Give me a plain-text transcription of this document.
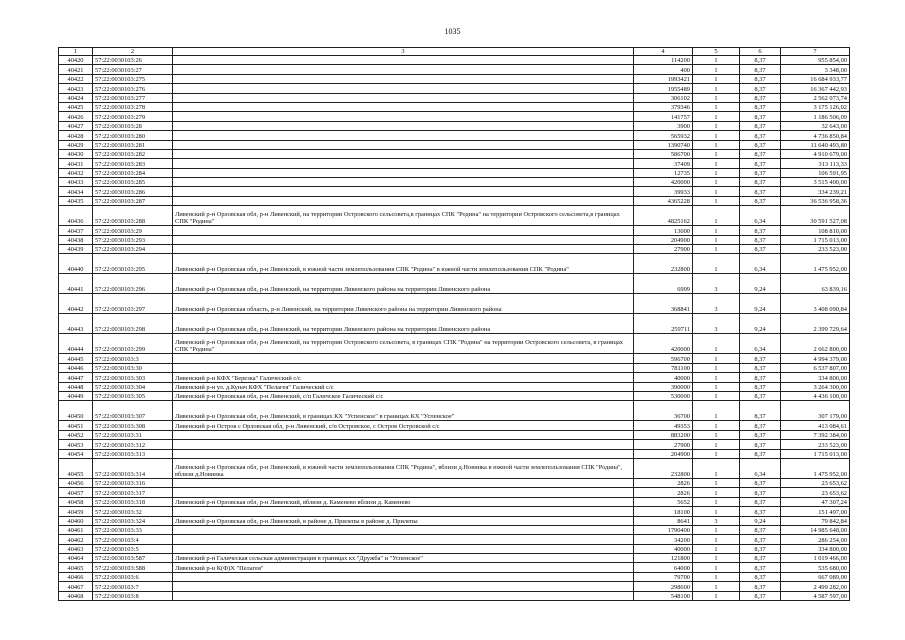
1035
1	2	3	4	5	6	7
40420	57:22:0030103:26		114200	1	8,37	955 854,00
40421	57:22:0030103:27		400	1	8,37	3 348,00
40422	57:22:0030103:275		1993421	1	8,37	16 684 933,77
40423	57:22:0030103:276		1955489	1	8,37	16 367 442,93
40424	57:22:0030103:277		306102	1	8,37	2 562 073,74
40425	57:22:0030103:278		379346	1	8,37	3 175 126,02
40426	57:22:0030103:279		141757	1	8,37	1 186 506,09
40427	57:22:0030103:28		3900	1	8,37	32 643,00
40428	57:22:0030103:280		565932	1	8,37	4 736 850,84
40429	57:22:0030103:281		1390740	1	8,37	11 640 493,80
40430	57:22:0030103:282		586700	1	8,37	4 910 679,00
40431	57:22:0030103:283		37409	1	8,37	313 113,33
40432	57:22:0030103:284		12735	1	8,37	106 591,95
40433	57:22:0030103:285		420000	1	8,37	3 515 400,00
40434	57:22:0030103:286		39933	1	8,37	334 239,21
40435	57:22:0030103:287		4365228	1	8,37	36 536 958,36
40436	57:22:0030103:288	Ливенский р-н Орловская обл, р-н Ливенский, на территории Островского сельсовета,в границах СПК "Родина" на территории Островского сельсовета,в границах СПК "Родина"	4825162	1	6,34	30 591 527,08
40437	57:22:0030103:29		13000	1	8,37	108 810,00
40438	57:22:0030103:293		204900	1	8,37	1 715 013,00
40439	57:22:0030103:294		27900	1	8,37	233 523,00
40440	57:22:0030103:295	Ливенский р-н Орловская обл, р-н Ливенский, в южной части землепользования СПК "Родина" в южной части землепользования СПК "Родина"	232800	1	6,34	1 475 952,00
40441	57:22:0030103:296	Ливенский р-н Орловская обл, р-н Ливенский, на территории Ливенского района на территории Ливенского района	6909	3	9,24	63 839,16
40442	57:22:0030103:297	Ливенский р-н Орловская область, р-н Ливенский, на территории Ливенского района на территории Ливенского района	368841	3	9,24	3 408 090,84
40443	57:22:0030103:298	Ливенский р-н Орловская обл, р-н Ливенский, на территории Ливенского района на территории Ливенского района	259711	3	9,24	2 399 729,64
40444	57:22:0030103:299	Ливенский р-н Орловская обл, р-н Ливенский, на территории Островского сельсовета, в границах СПК "Родина" на территории Островского сельсовета, в границах СПК "Родина"	420000	1	6,34	2 662 800,00
40445	57:22:0030103:3		596700	1	8,37	4 994 379,00
40446	57:22:0030103:30		781100	1	8,37	6 537 807,00
40447	57:22:0030103:303	Ливенский р-н КФХ "Березка" Галический с/с	40000	1	8,37	334 800,00
40448	57:22:0030103:304	Ливенский р-н ул. д.Кунач КФХ "Пелагея" Галический с/с	390000	1	8,37	3 264 300,00
40449	57:22:0030103:305	Ливенский р-н Орловская обл, р-н Ливенский, с/п Галичское Галический с/с	530000	1	8,37	4 436 100,00
40450	57:22:0030103:307	Ливенский р-н Орловская обл, р-н Ливенский, в границах КХ "Успенское" в границах КХ "Успенское"	36700	1	8,37	307 179,00
40451	57:22:0030103:308	Ливенский р-н Остров с Орловская обл, р-н Ливенский, с/п Островское, с Остров Островской с/с	49353	1	8,37	413 084,61
40452	57:22:0030103:31		883200	1	8,37	7 392 384,00
40453	57:22:0030103:312		27900	1	8,37	233 523,00
40454	57:22:0030103:313		204900	1	8,37	1 715 013,00
40455	57:22:0030103:314	Ливенский р-н Орловская обл, р-н Ливенский, в южной части землепользования СПК "Родина", вблизи д.Новинка в южной части землепользования СПК "Родина", вблизи д.Новинка	232800	1	6,34	1 475 952,00
40456	57:22:0030103:316		2826	1	8,37	23 653,62
40457	57:22:0030103:317		2826	1	8,37	23 653,62
40458	57:22:0030103:318	Ливенский р-н Орловская обл, р-н Ливенский, вблизи д. Каменево вблизи д. Каменево	5652	1	8,37	47 307,24
40459	57:22:0030103:32		18100	1	8,37	151 497,00
40460	57:22:0030103:324	Ливенский р-н Орловская обл, р-н Ливенский, в районе д. Прилепы в районе д. Прилепы	8641	3	9,24	79 842,84
40461	57:22:0030103:33		1790400	1	8,37	14 985 648,00
40462	57:22:0030103:4		34200	1	8,37	286 254,00
40463	57:22:0030103:5		40000	1	8,37	334 800,00
40464	57:22:0030103:587	Ливенский р-н Галическая сельская администрация в границах кх "Дружба" и "Успенское"	121800	1	8,37	1 019 466,00
40465	57:22:0030103:588	Ливенский р-н К(Ф)Х "Пелагея"	64000	1	8,37	535 680,00
40466	57:22:0030103:6		79700	1	8,37	667 089,00
40467	57:22:0030103:7		298600	1	8,37	2 499 282,00
40468	57:22:0030103:8		548100	1	8,37	4 587 597,00
